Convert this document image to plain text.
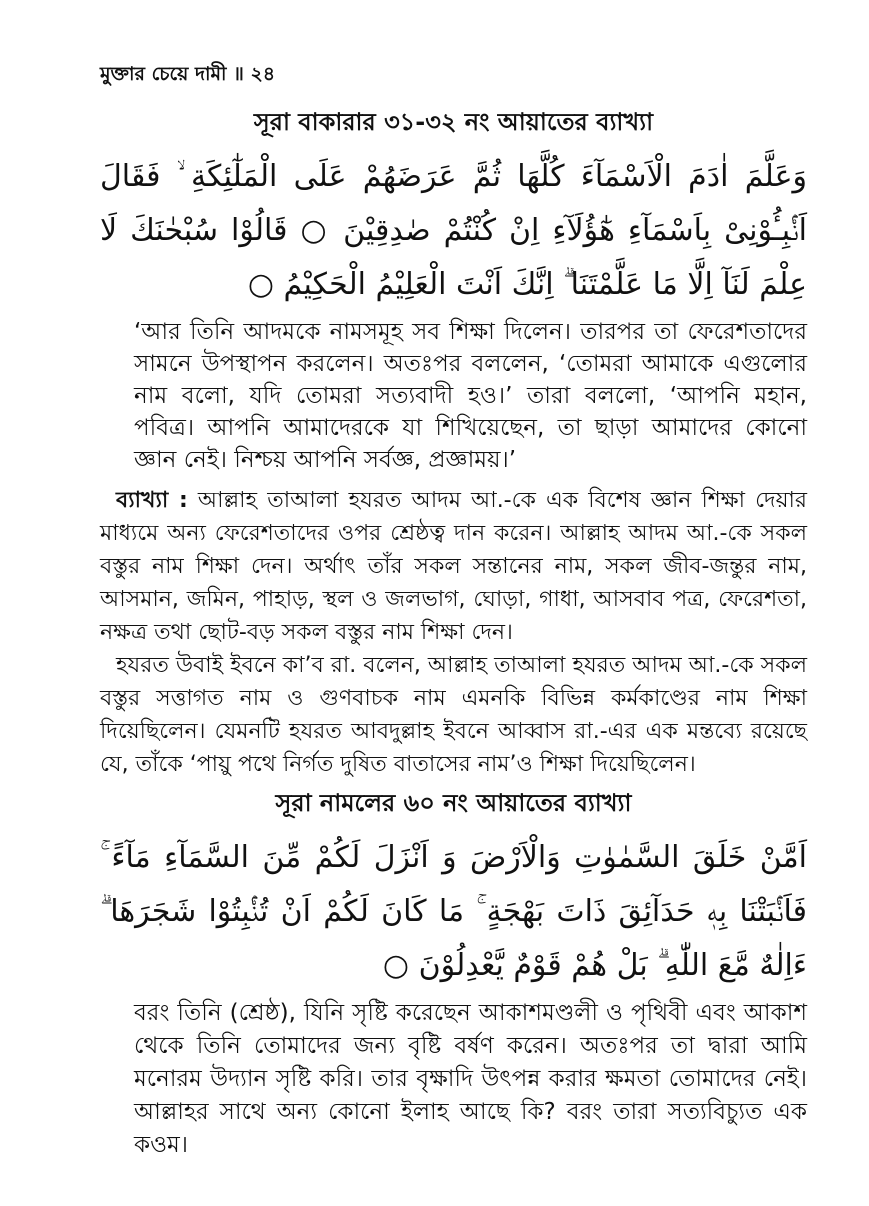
মুক্তার চেয়ে দামী ॥ ২৪
সূরা বাকারার ৩১-৩২ নং আয়াতের ব্যাখ্যা
وَعَلَّمَ اٰدَمَ الْاَسْمَآءَ كُلَّهَا ثُمَّ عَرَضَهُمْ عَلَى الْمَلٰٓئِكَةِ ۙ فَقَالَ اَنْۢبِـُٔوْنِىْ بِاَسْمَآءِ هٰٓؤُلَآءِ اِنْ كُنْتُمْ صٰدِقِيْنَ ○ قَالُوْا سُبْحٰنَكَ لَا عِلْمَ لَنَآ اِلَّا مَا عَلَّمْتَنَا ۗ اِنَّكَ اَنْتَ الْعَلِيْمُ الْحَكِيْمُ ○

‘আর তিনি আদমকে নামসমূহ সব শিক্ষা দিলেন। তারপর তা ফেরেশতাদের সামনে উপস্থাপন করলেন। অতঃপর বললেন, ‘তোমরা আমাকে এগুলোর নাম বলো, যদি তোমরা সত্যবাদী হও।’ তারা বললো, ‘আপনি মহান, পবিত্র। আপনি আমাদেরকে যা শিখিয়েছেন, তা ছাড়া আমাদের কোনো জ্ঞান নেই। নিশ্চয় আপনি সর্বজ্ঞ, প্রজ্ঞাময়।’

ব্যাখ্যা : আল্লাহ তাআলা হযরত আদম আ.-কে এক বিশেষ জ্ঞান শিক্ষা দেয়ার মাধ্যমে অন্য ফেরেশতাদের ওপর শ্রেষ্ঠত্ব দান করেন। আল্লাহ আদম আ.-কে সকল বস্তুর নাম শিক্ষা দেন। অর্থাৎ তাঁর সকল সন্তানের নাম, সকল জীব-জন্তুর নাম, আসমান, জমিন, পাহাড়, স্থল ও জলভাগ, ঘোড়া, গাধা, আসবাব পত্র, ফেরেশতা, নক্ষত্র তথা ছোট-বড় সকল বস্তুর নাম শিক্ষা দেন।

হযরত উবাই ইবনে কা’ব রা. বলেন, আল্লাহ তাআলা হযরত আদম আ.-কে সকল বস্তুর সত্তাগত নাম ও গুণবাচক নাম এমনকি বিভিন্ন কর্মকাণ্ডের নাম শিক্ষা দিয়েছিলেন। যেমনটি হযরত আবদুল্লাহ ইবনে আব্বাস রা.-এর এক মন্তব্যে রয়েছে যে, তাঁকে ‘পায়ু পথে নির্গত দুষিত বাতাসের নাম’ও শিক্ষা দিয়েছিলেন।

সূরা নামলের ৬০ নং আয়াতের ব্যাখ্যা
اَمَّنْ خَلَقَ السَّمٰوٰتِ وَالْاَرْضَ وَ اَنْزَلَ لَكُمْ مِّنَ السَّمَآءِ مَآءً ۚ فَاَنْۢبَتْنَا بِهٖ حَدَآئِقَ ذَاتَ بَهْجَةٍ ۚ مَا كَانَ لَكُمْ اَنْ تُنْۢبِتُوْا شَجَرَهَا ۗ ءَاِلٰهٌ مَّعَ اللّٰهِ ۗ بَلْ هُمْ قَوْمٌ يَّعْدِلُوْنَ ○

বরং তিনি (শ্রেষ্ঠ), যিনি সৃষ্টি করেছেন আকাশমণ্ডলী ও পৃথিবী এবং আকাশ থেকে তিনি তোমাদের জন্য বৃষ্টি বর্ষণ করেন। অতঃপর তা দ্বারা আমি মনোরম উদ্যান সৃষ্টি করি। তার বৃক্ষাদি উৎপন্ন করার ক্ষমতা তোমাদের নেই। আল্লাহর সাথে অন্য কোনো ইলাহ আছে কি? বরং তারা সত্যবিচ্যুত এক কওম।
